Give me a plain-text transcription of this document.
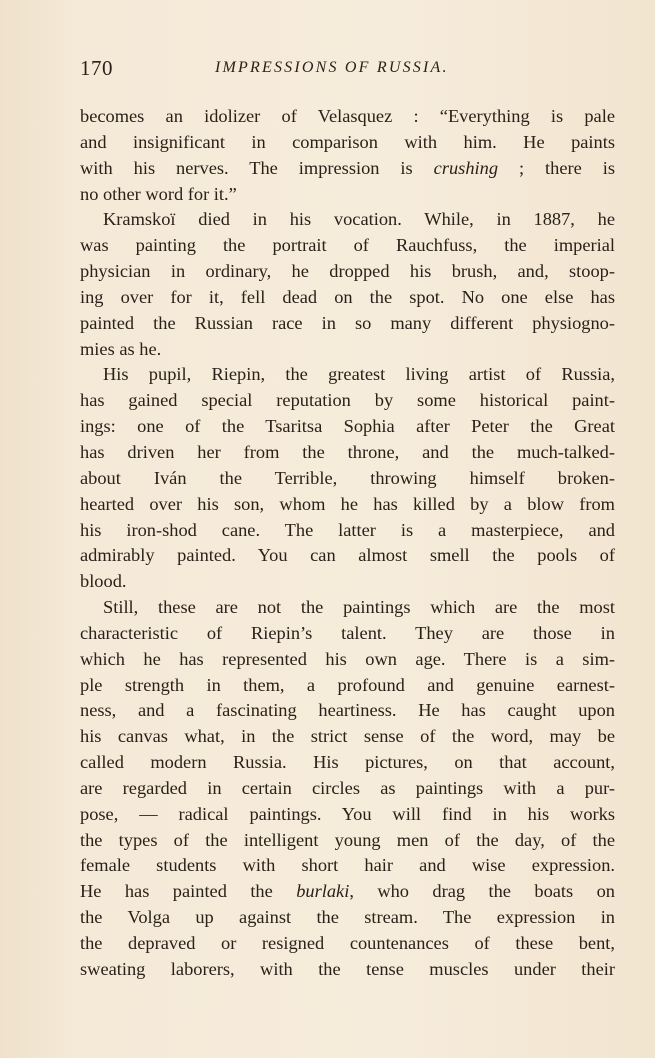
170	IMPRESSIONS OF RUSSIA.
becomes an idolizer of Velasquez : “Everything is pale
and insignificant in comparison with him. He paints
with his nerves. The impression is crushing ; there is
no other word for it.”
Kramskoï died in his vocation. While, in 1887, he
was painting the portrait of Rauchfuss, the imperial
physician in ordinary, he dropped his brush, and, stoop-
ing over for it, fell dead on the spot. No one else has
painted the Russian race in so many different physiogno-
mies as he.
His pupil, Riepin, the greatest living artist of Russia,
has gained special reputation by some historical paint-
ings: one of the Tsaritsa Sophia after Peter the Great
has driven her from the throne, and the much-talked-
about Iván the Terrible, throwing himself broken-
hearted over his son, whom he has killed by a blow from
his iron-shod cane. The latter is a masterpiece, and
admirably painted. You can almost smell the pools of
blood.
Still, these are not the paintings which are the most
characteristic of Riepin’s talent. They are those in
which he has represented his own age. There is a sim-
ple strength in them, a profound and genuine earnest-
ness, and a fascinating heartiness. He has caught upon
his canvas what, in the strict sense of the word, may be
called modern Russia. His pictures, on that account,
are regarded in certain circles as paintings with a pur-
pose, — radical paintings. You will find in his works
the types of the intelligent young men of the day, of the
female students with short hair and wise expression.
He has painted the burlaki, who drag the boats on
the Volga up against the stream. The expression in
the depraved or resigned countenances of these bent,
sweating laborers, with the tense muscles under their
